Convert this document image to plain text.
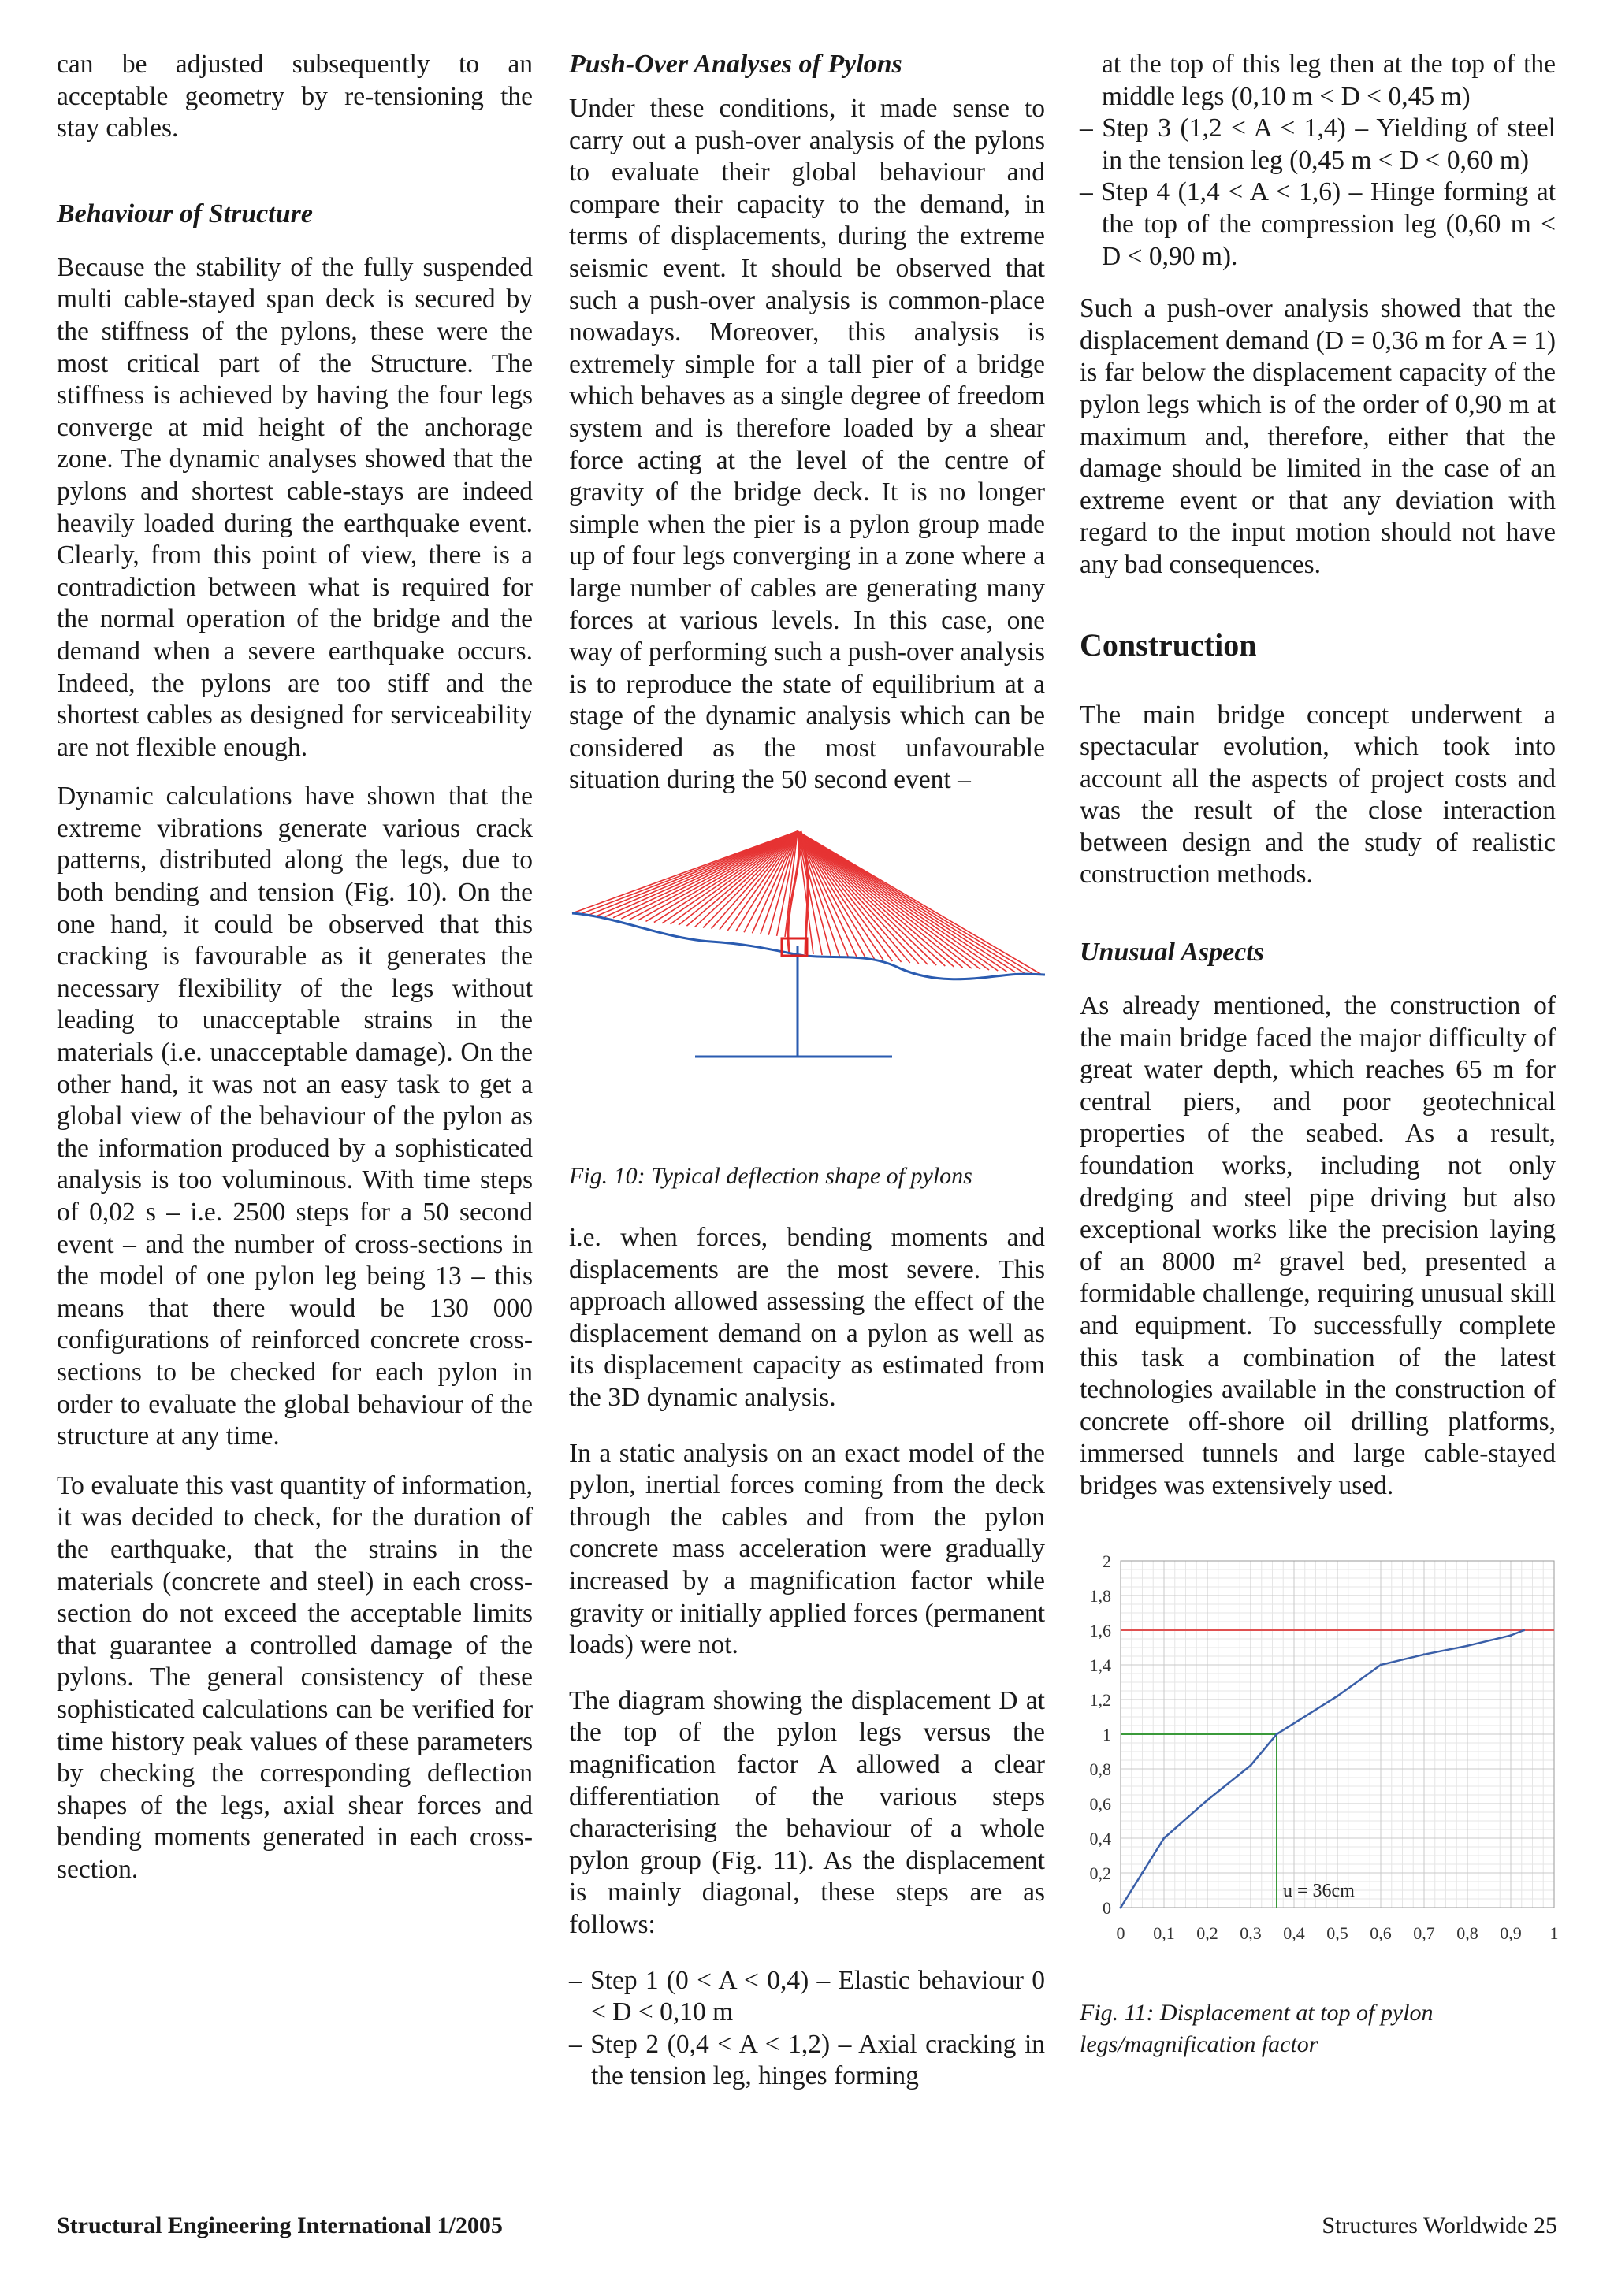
can be adjusted subsequently to an acceptable geometry by re-tensioning the stay cables.

Behaviour of Structure

Because the stability of the fully suspended multi cable-stayed span deck is secured by the stiffness of the pylons, these were the most critical part of the Structure. The stiffness is achieved by having the four legs converge at mid height of the anchorage zone. The dynamic analyses showed that the pylons and shortest cable-stays are indeed heavily loaded during the earthquake event. Clearly, from this point of view, there is a contradiction between what is required for the normal operation of the bridge and the demand when a severe earthquake occurs. Indeed, the pylons are too stiff and the shortest cables as designed for serviceability are not flexible enough.

Dynamic calculations have shown that the extreme vibrations generate various crack patterns, distributed along the legs, due to both bending and tension (Fig. 10). On the one hand, it could be observed that this cracking is favourable as it generates the necessary flexibility of the legs without leading to unacceptable strains in the materials (i.e. unacceptable damage). On the other hand, it was not an easy task to get a global view of the behaviour of the pylon as the information produced by a sophisticated analysis is too voluminous. With time steps of 0,02 s – i.e. 2500 steps for a 50 second event – and the number of cross-sections in the model of one pylon leg being 13 – this means that there would be 130 000 configurations of reinforced concrete cross-sections to be checked for each pylon in order to evaluate the global behaviour of the structure at any time.

To evaluate this vast quantity of information, it was decided to check, for the duration of the earthquake, that the strains in the materials (concrete and steel) in each cross-section do not exceed the acceptable limits that guarantee a controlled damage of the pylons. The general consistency of these sophisticated calculations can be verified for time history peak values of these parameters by checking the corresponding deflection shapes of the legs, axial shear forces and bending moments generated in each cross-section.

Push-Over Analyses of Pylons

Under these conditions, it made sense to carry out a push-over analysis of the pylons to evaluate their global behaviour and compare their capacity to the demand, in terms of displacements, during the extreme seismic event. It should be observed that such a push-over analysis is common-place nowadays. Moreover, this analysis is extremely simple for a tall pier of a bridge which behaves as a single degree of freedom system and is therefore loaded by a shear force acting at the level of the centre of gravity of the bridge deck. It is no longer simple when the pier is a pylon group made up of four legs converging in a zone where a large number of cables are generating many forces at various levels. In this case, one way of performing such a push-over analysis is to reproduce the state of equilibrium at a stage of the dynamic analysis which can be considered as the most unfavourable situation during the 50 second event –

Fig. 10: Typical deflection shape of pylons

i.e. when forces, bending moments and displacements are the most severe. This approach allowed assessing the effect of the displacement demand on a pylon as well as its displacement capacity as estimated from the 3D dynamic analysis.

In a static analysis on an exact model of the pylon, inertial forces coming from the deck through the cables and from the pylon concrete mass acceleration were gradually increased by a magnification factor while gravity or initially applied forces (permanent loads) were not.

The diagram showing the displacement D at the top of the pylon legs versus the magnification factor A allowed a clear differentiation of the various steps characterising the behaviour of a whole pylon group (Fig. 11). As the displacement is mainly diagonal, these steps are as follows:

– Step 1 (0 < A < 0,4) – Elastic behaviour 0 < D < 0,10 m
– Step 2 (0,4 < A < 1,2) – Axial cracking in the tension leg, hinges forming

at the top of this leg then at the top of the middle legs (0,10 m < D < 0,45 m)

– Step 3 (1,2 < A < 1,4) – Yielding of steel in the tension leg (0,45 m < D < 0,60 m)
– Step 4 (1,4 < A < 1,6) – Hinge forming at the top of the compression leg (0,60 m < D < 0,90 m).

Such a push-over analysis showed that the displacement demand (D = 0,36 m for A = 1) is far below the displacement capacity of the pylon legs which is of the order of 0,90 m at maximum and, therefore, either that the damage should be limited in the case of an extreme event or that any deviation with regard to the input motion should not have any bad consequences.

Construction

The main bridge concept underwent a spectacular evolution, which took into account all the aspects of project costs and was the result of the close interaction between design and the study of realistic construction methods.

Unusual Aspects

As already mentioned, the construction of the main bridge faced the major difficulty of great water depth, which reaches 65 m for central piers, and poor geotechnical properties of the seabed. As a result, foundation works, including not only dredging and steel pipe driving but also exceptional works like the precision laying of an 8000 m² gravel bed, presented a formidable challenge, requiring unusual skill and equipment. To successfully complete this task a combination of the latest technologies available in the construction of concrete off-shore oil drilling platforms, immersed tunnels and large cable-stayed bridges was extensively used.

0
0,2
0,4
0,6
0,8
1
1,2
1,4
1,6
1,8
2
0 0,1 0,2 0,3 0,4 0,5 0,6 0,7 0,8 0,9 1
u = 36cm

Fig. 11: Displacement at top of pylon legs/magnification factor

Structural Engineering International 1/2005	Structures Worldwide 25
